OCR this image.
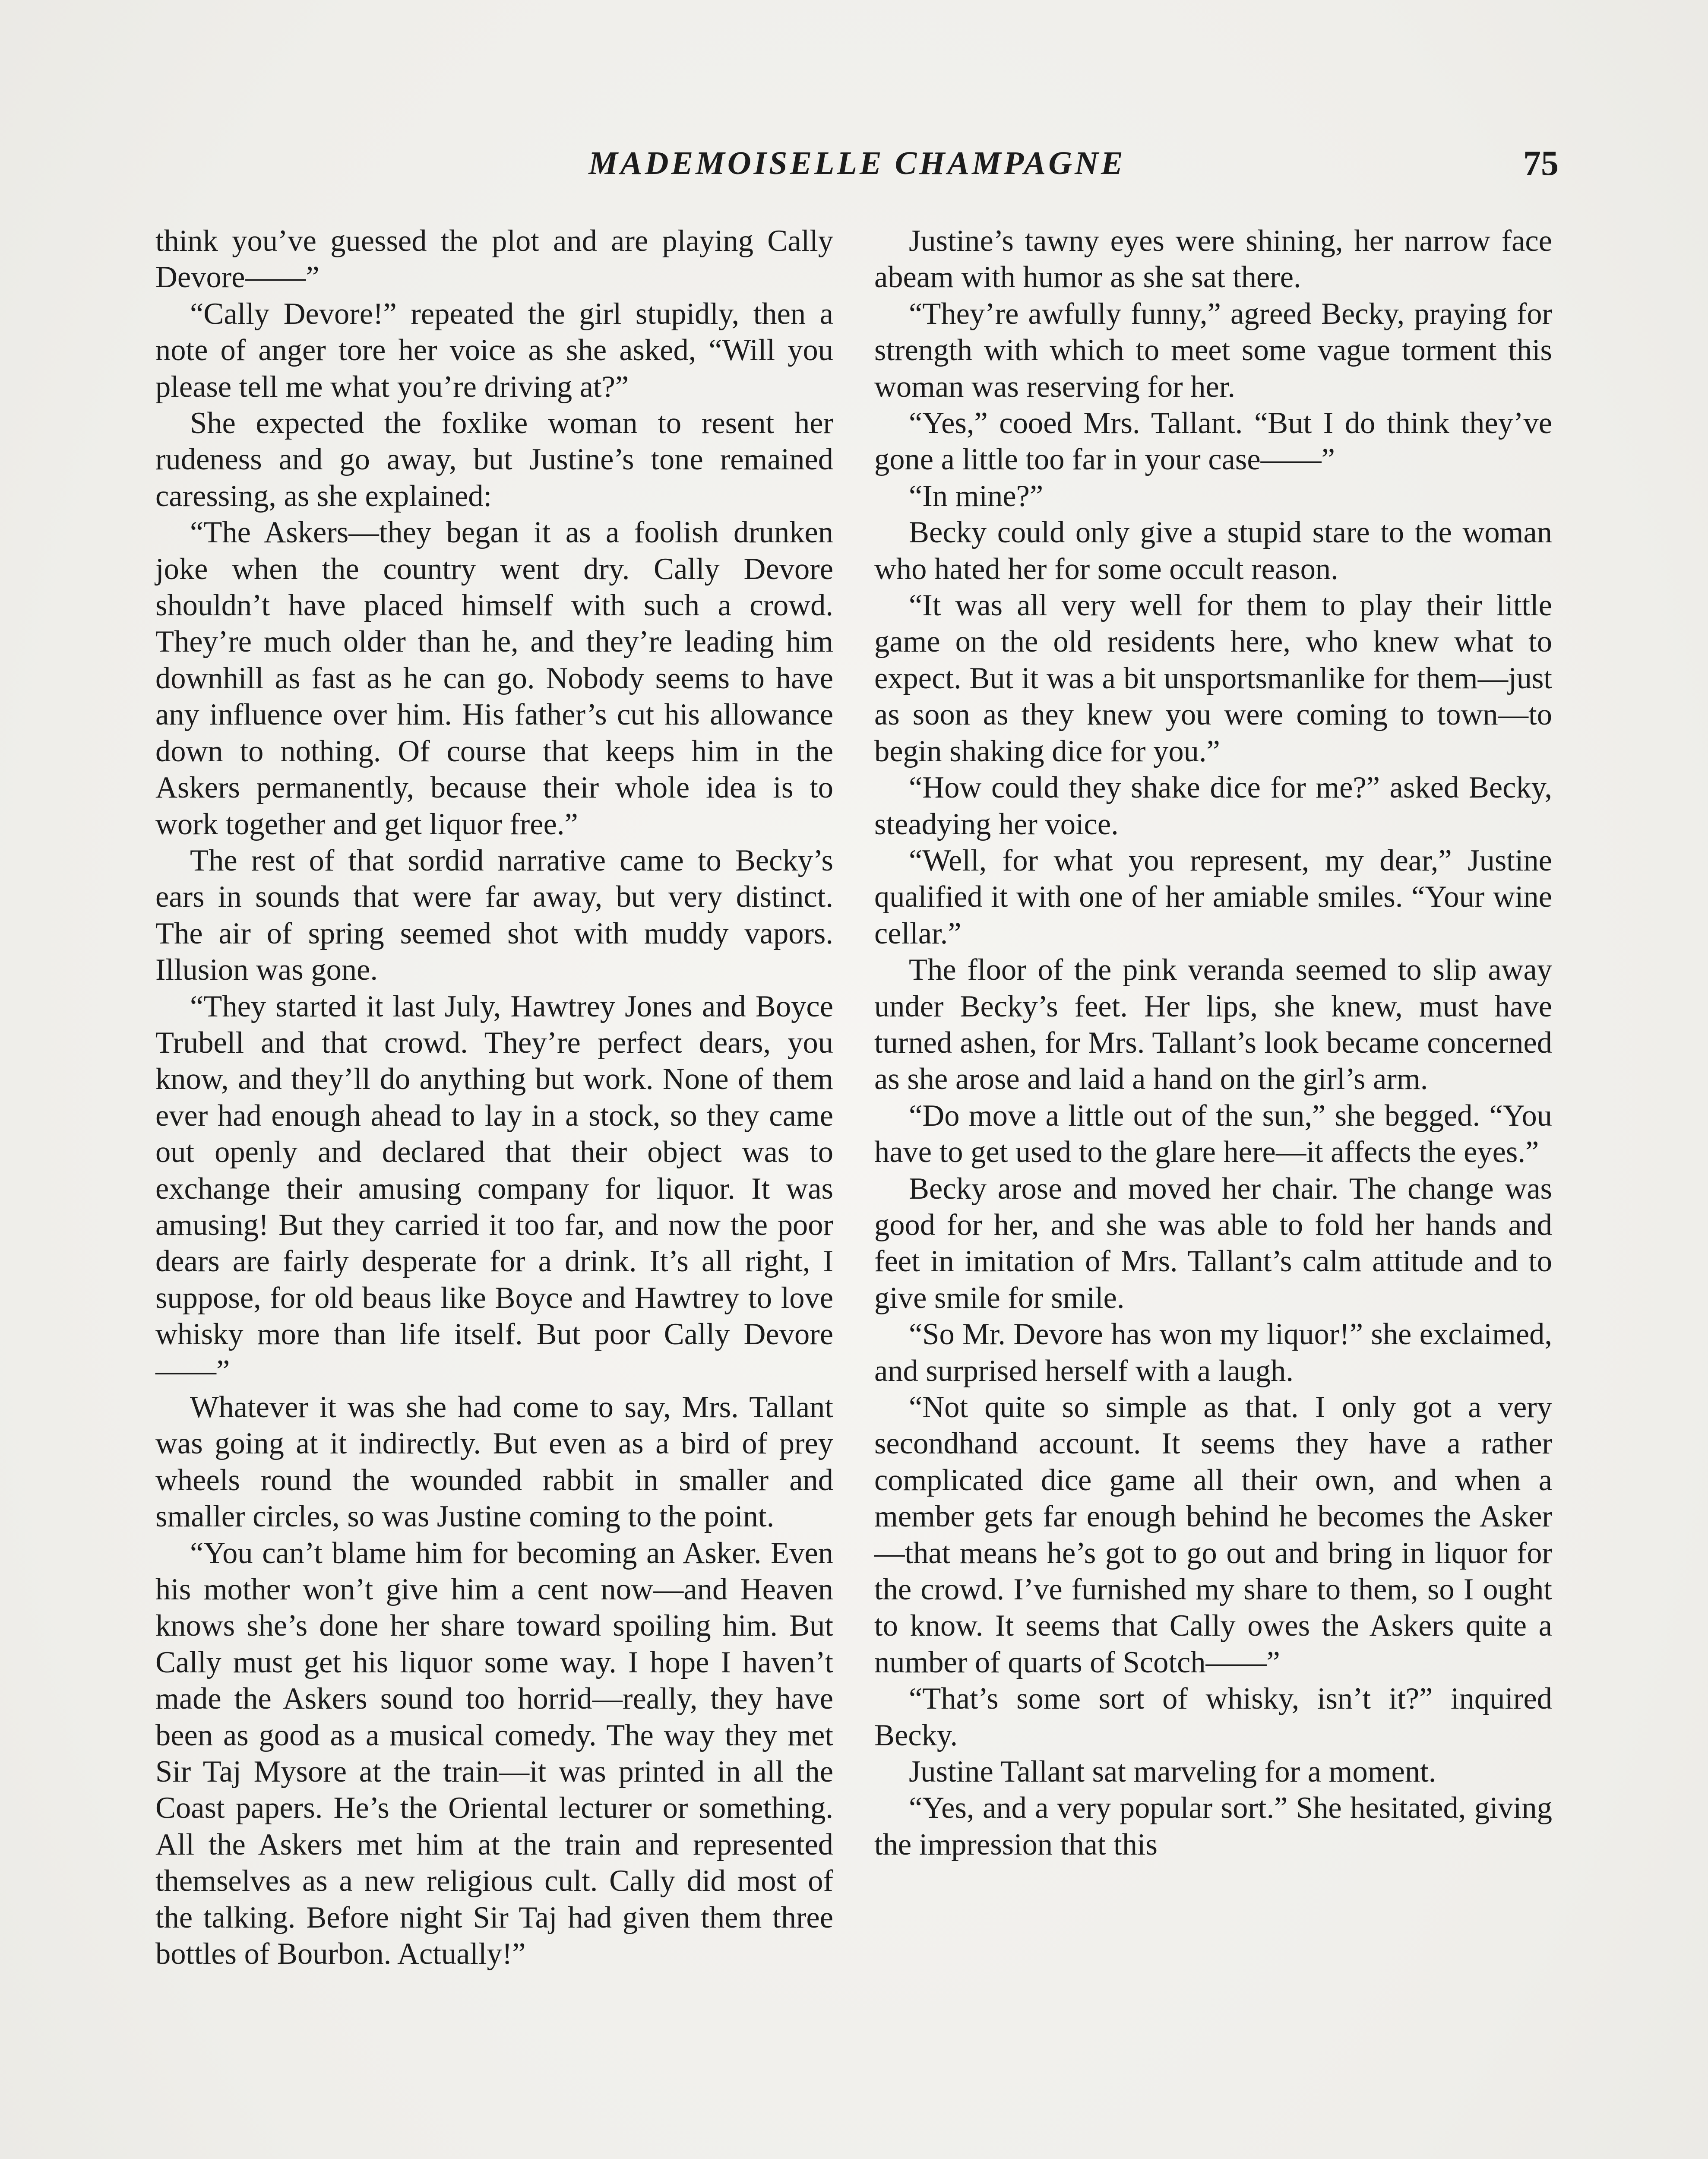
MADEMOISELLE CHAMPAGNE	75

think you’ve guessed the plot and are playing Cally Devore——”

“Cally Devore!” repeated the girl stupidly, then a note of anger tore her voice as she asked, “Will you please tell me what you’re driving at?”

She expected the foxlike woman to resent her rudeness and go away, but Justine’s tone remained caressing, as she explained:

“The Askers—they began it as a foolish drunken joke when the country went dry. Cally Devore shouldn’t have placed himself with such a crowd. They’re much older than he, and they’re leading him downhill as fast as he can go. Nobody seems to have any influence over him. His father’s cut his allowance down to nothing. Of course that keeps him in the Askers permanently, because their whole idea is to work together and get liquor free.”

The rest of that sordid narrative came to Becky’s ears in sounds that were far away, but very distinct. The air of spring seemed shot with muddy vapors. Illusion was gone.

“They started it last July, Hawtrey Jones and Boyce Trubell and that crowd. They’re perfect dears, you know, and they’ll do anything but work. None of them ever had enough ahead to lay in a stock, so they came out openly and declared that their object was to exchange their amusing company for liquor. It was amusing! But they carried it too far, and now the poor dears are fairly desperate for a drink. It’s all right, I suppose, for old beaus like Boyce and Hawtrey to love whisky more than life itself. But poor Cally Devore——”

Whatever it was she had come to say, Mrs. Tallant was going at it indirectly. But even as a bird of prey wheels round the wounded rabbit in smaller and smaller circles, so was Justine coming to the point.

“You can’t blame him for becoming an Asker. Even his mother won’t give him a cent now—and Heaven knows she’s done her share toward spoiling him. But Cally must get his liquor some way. I hope I haven’t made the Askers sound too horrid—really, they have been as good as a musical comedy. The way they met Sir Taj Mysore at the train—it was printed in all the Coast papers. He’s the Oriental lecturer or something. All the Askers met him at the train and represented themselves as a new religious cult. Cally did most of the talking. Before night Sir Taj had given them three bottles of Bourbon. Actually!”

Justine’s tawny eyes were shining, her narrow face abeam with humor as she sat there.

“They’re awfully funny,” agreed Becky, praying for strength with which to meet some vague torment this woman was reserving for her.

“Yes,” cooed Mrs. Tallant. “But I do think they’ve gone a little too far in your case——”

“In mine?”

Becky could only give a stupid stare to the woman who hated her for some occult reason.

“It was all very well for them to play their little game on the old residents here, who knew what to expect. But it was a bit unsportsmanlike for them—just as soon as they knew you were coming to town—to begin shaking dice for you.”

“How could they shake dice for me?” asked Becky, steadying her voice.

“Well, for what you represent, my dear,” Justine qualified it with one of her amiable smiles. “Your wine cellar.”

The floor of the pink veranda seemed to slip away under Becky’s feet. Her lips, she knew, must have turned ashen, for Mrs. Tallant’s look became concerned as she arose and laid a hand on the girl’s arm.

“Do move a little out of the sun,” she begged. “You have to get used to the glare here—it affects the eyes.”

Becky arose and moved her chair. The change was good for her, and she was able to fold her hands and feet in imitation of Mrs. Tallant’s calm attitude and to give smile for smile.

“So Mr. Devore has won my liquor!” she exclaimed, and surprised herself with a laugh.

“Not quite so simple as that. I only got a very secondhand account. It seems they have a rather complicated dice game all their own, and when a member gets far enough behind he becomes the Asker—that means he’s got to go out and bring in liquor for the crowd. I’ve furnished my share to them, so I ought to know. It seems that Cally owes the Askers quite a number of quarts of Scotch——”

“That’s some sort of whisky, isn’t it?” inquired Becky.

Justine Tallant sat marveling for a moment.

“Yes, and a very popular sort.” She hesitated, giving the impression that this
